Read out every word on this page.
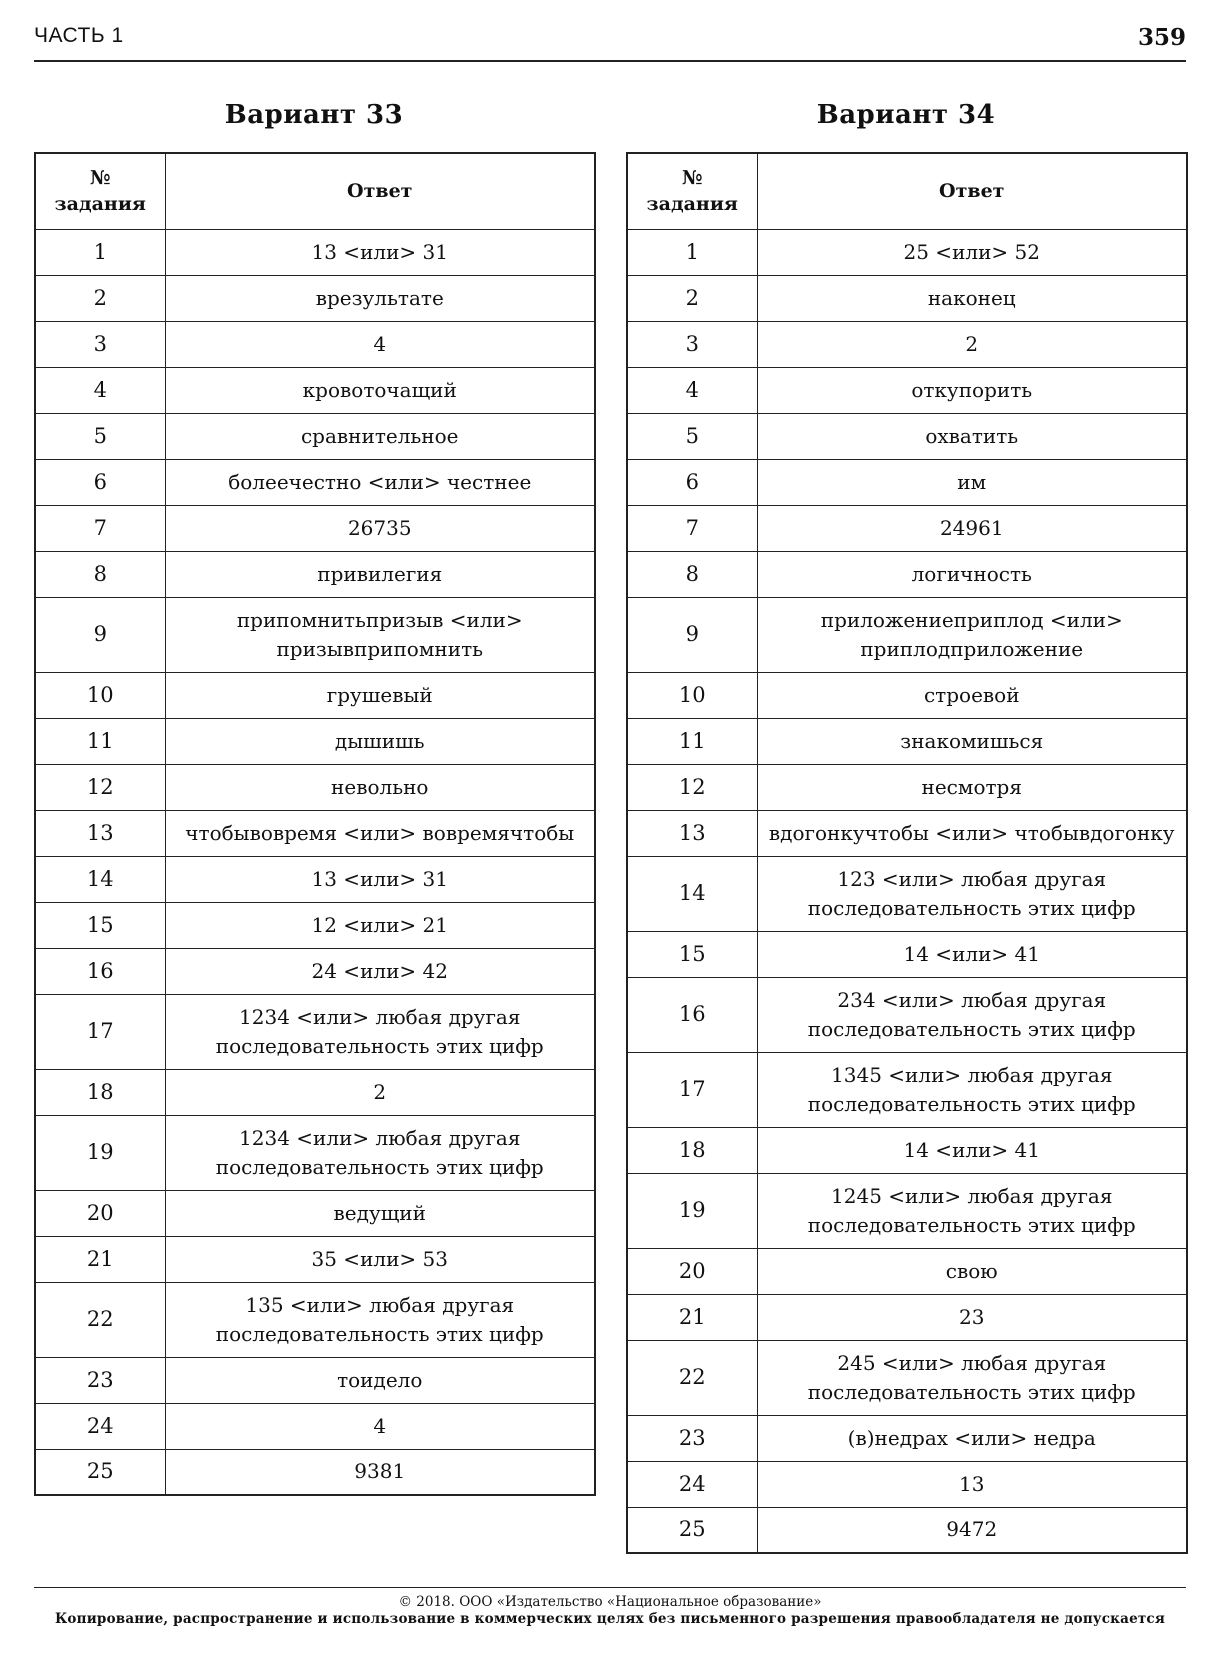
ЧАСТЬ 1	359
Вариант 33	Вариант 34
№
задания	Ответ
1	13 <или> 31
2	врезультате
3	4
4	кровоточащий
5	сравнительное
6	болеечестно <или> честнее
7	26735
8	привилегия
9	припомнитьпризыв <или>
призывприпомнить
10	грушевый
11	дышишь
12	невольно
13	чтобывовремя <или> вовремячтобы
14	13 <или> 31
15	12 <или> 21
16	24 <или> 42
17	1234 <или> любая другая
последовательность этих цифр
18	2
19	1234 <или> любая другая
последовательность этих цифр
20	ведущий
21	35 <или> 53
22	135 <или> любая другая
последовательность этих цифр
23	тоидело
24	4
25	9381
№
задания	Ответ
1	25 <или> 52
2	наконец
3	2
4	откупорить
5	охватить
6	им
7	24961
8	логичность
9	приложениеприплод <или>
приплодприложение
10	строевой
11	знакомишься
12	несмотря
13	вдогонкучтобы <или> чтобывдогонку
14	123 <или> любая другая
последовательность этих цифр
15	14 <или> 41
16	234 <или> любая другая
последовательность этих цифр
17	1345 <или> любая другая
последовательность этих цифр
18	14 <или> 41
19	1245 <или> любая другая
последовательность этих цифр
20	свою
21	23
22	245 <или> любая другая
последовательность этих цифр
23	(в)недрах <или> недра
24	13
25	9472
© 2018. ООО «Издательство «Национальное образование»
Копирование, распространение и использование в коммерческих целях без письменного разрешения правообладателя не допускается
